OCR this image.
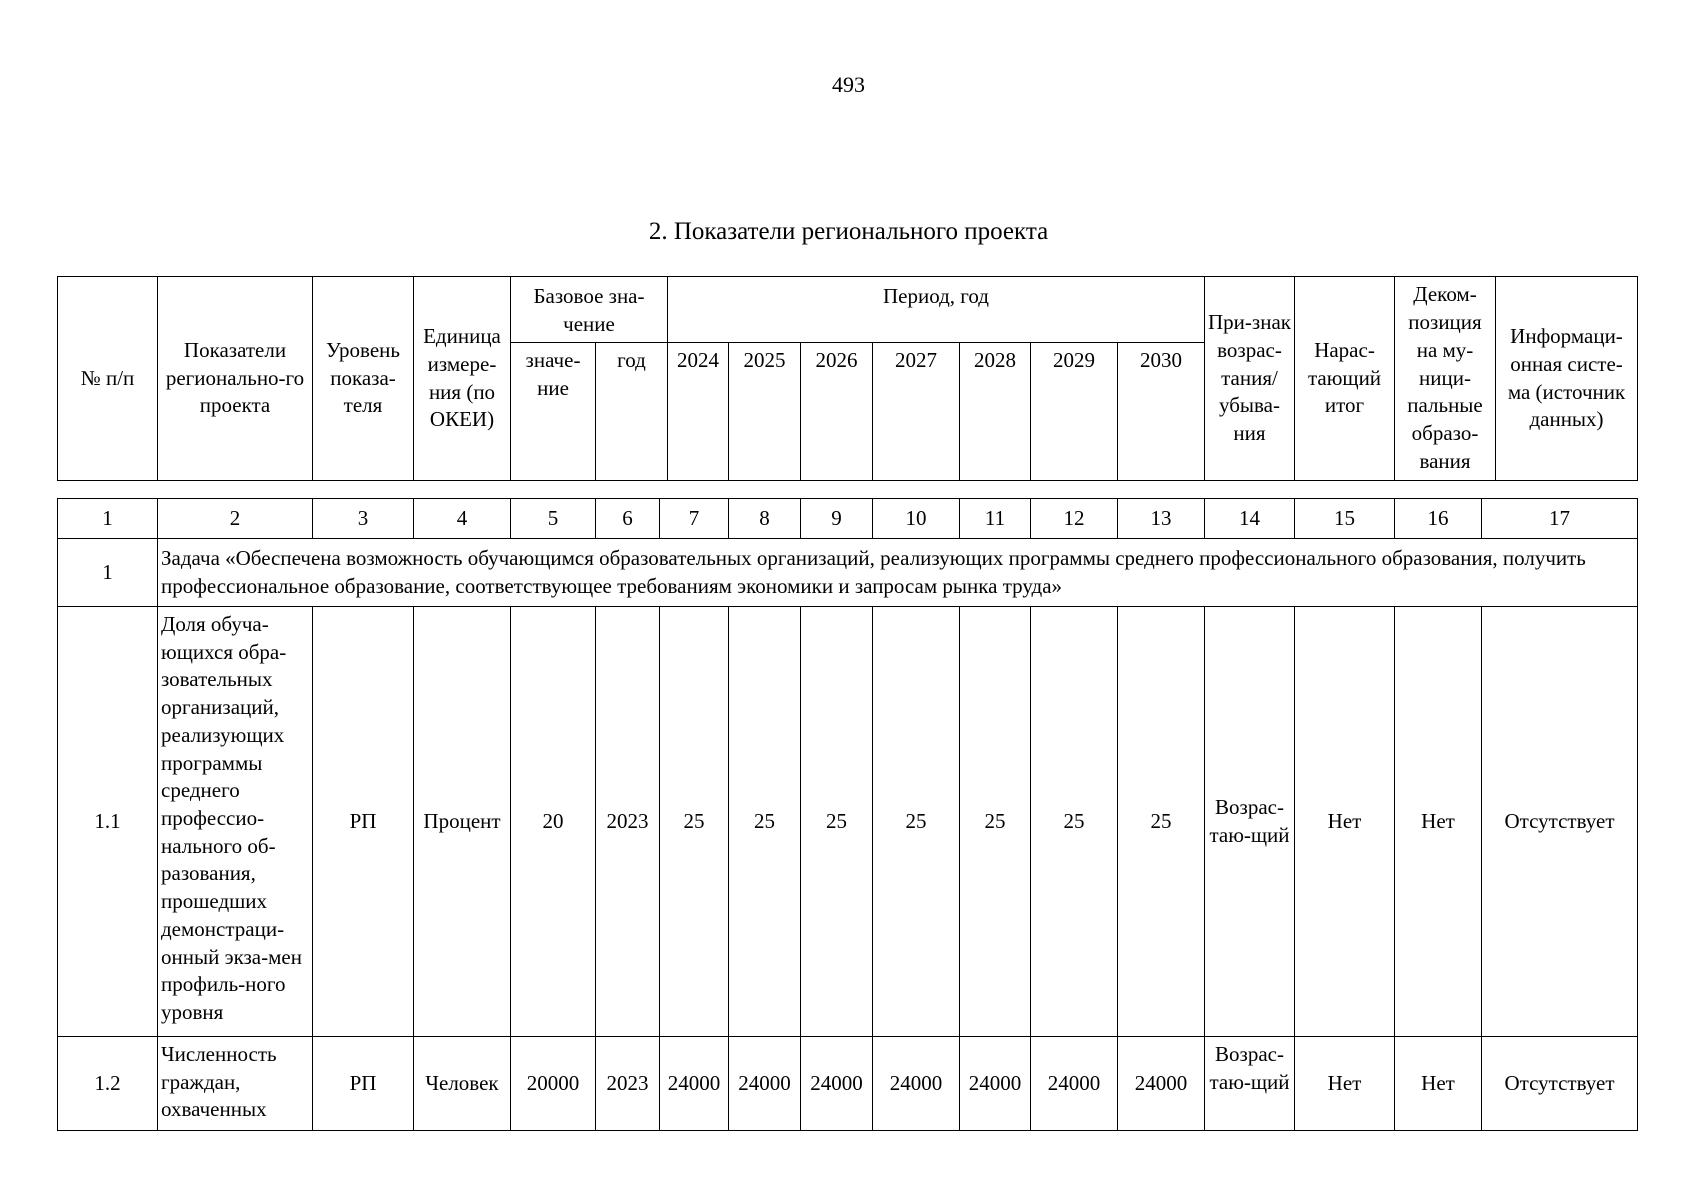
493
2. Показатели регионального проекта
№ п/п	Показатели регионально-го проекта	Уровень показа-теля	Единица измере-ния (по ОКЕИ)	Базовое зна-чение		Период, год							При-знак возрас-тания/ убыва-ния	Нарас-тающий итог	Деком-позиция на му-ници-пальные образо-вания	Информаци-онная систе-ма (источник данных)
				значе-ние	год	2024	2025	2026	2027	2028	2029	2030				
1	2	3	4	5	6	7	8	9	10	11	12	13	14	15	16	17
1	Задача «Обеспечена возможность обучающимся образовательных организаций, реализующих программы среднего профессионального образования, получить профессиональное образование, соответствующее требованиям экономики и запросам рынка труда»															
1.1	Доля обуча-ющихся обра-зовательных организаций, реализующих программы среднего профессио-нального об-разования, прошедших демонстраци-онный экза-мен профиль-ного уровня	РП	Процент	20	2023	25	25	25	25	25	25	25	Возрас-таю-щий	Нет	Нет	Отсутствует
1.2	Численность граждан, охваченных	РП	Человек	20000	2023	24000	24000	24000	24000	24000	24000	24000	Возрас-таю-щий	Нет	Нет	Отсутствует
